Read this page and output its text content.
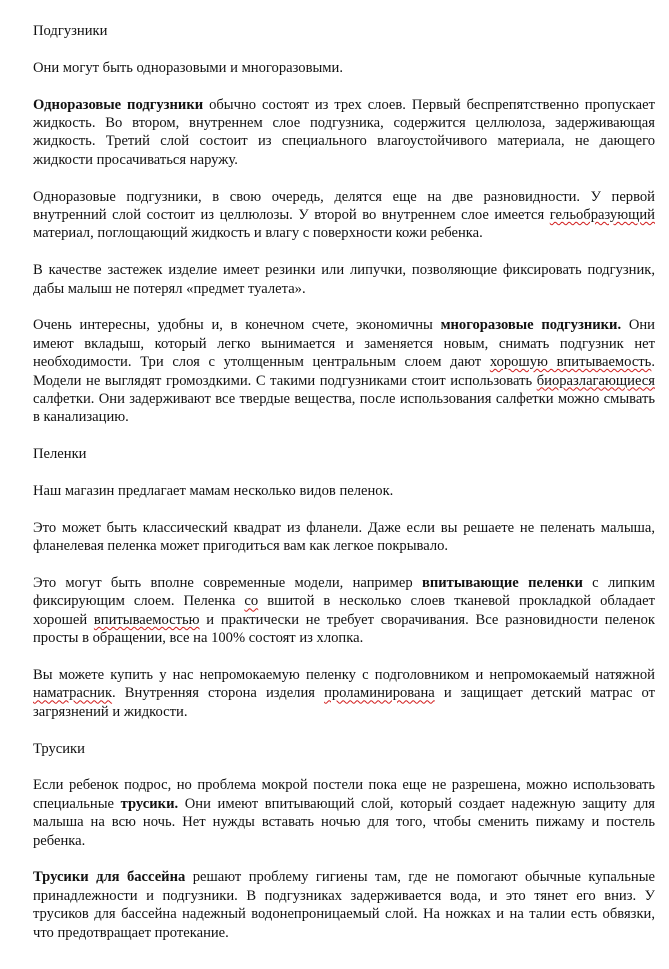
Подгузники

Они могут быть одноразовыми и многоразовыми.

Одноразовые подгузники обычно состоят из трех слоев. Первый беспрепятственно пропускает жидкость. Во втором, внутреннем слое подгузника, содержится целлюлоза, задерживающая жидкость. Третий слой состоит из специального влагоустойчивого материала, не дающего жидкости просачиваться наружу.

Одноразовые подгузники, в свою очередь, делятся еще на две разновидности. У первой внутренний слой состоит из целлюлозы. У второй во внутреннем слое имеется гельобразующий материал, поглощающий жидкость и влагу с поверхности кожи ребенка.

В качестве застежек изделие имеет резинки или липучки, позволяющие фиксировать подгузник, дабы малыш не потерял «предмет туалета».

Очень интересны, удобны и, в конечном счете, экономичны многоразовые подгузники. Они имеют вкладыш, который легко вынимается и заменяется новым, снимать подгузник нет необходимости. Три слоя с утолщенным центральным слоем дают хорошую впитываемость. Модели не выглядят громоздкими. С такими подгузниками стоит использовать биоразлагающиеся салфетки. Они задерживают все твердые вещества, после использования салфетки можно смывать в канализацию.

Пеленки

Наш магазин предлагает мамам несколько видов пеленок.

Это может быть классический квадрат из фланели. Даже если вы решаете не пеленать малыша, фланелевая пеленка может пригодиться вам как легкое покрывало.

Это могут быть вполне современные модели, например впитывающие пеленки с липким фиксирующим слоем. Пеленка со вшитой в несколько слоев тканевой прокладкой обладает хорошей впитываемостью и практически не требует сворачивания. Все разновидности пеленок просты в обращении, все на 100% состоят из хлопка.

Вы можете купить у нас непромокаемую пеленку с подголовником и непромокаемый натяжной наматрасник. Внутренняя сторона изделия проламинирована и защищает детский матрас от загрязнений и жидкости.

Трусики

Если ребенок подрос, но проблема мокрой постели пока еще не разрешена, можно использовать специальные трусики. Они имеют впитывающий слой, который создает надежную защиту для малыша на всю ночь. Нет нужды вставать ночью для того, чтобы сменить пижаму и постель ребенка.

Трусики для бассейна решают проблему гигиены там, где не помогают обычные купальные принадлежности и подгузники. В подгузниках задерживается вода, и это тянет его вниз. У трусиков для бассейна надежный водонепроницаемый слой. На ножках и на талии есть обвязки, что предотвращает протекание.
